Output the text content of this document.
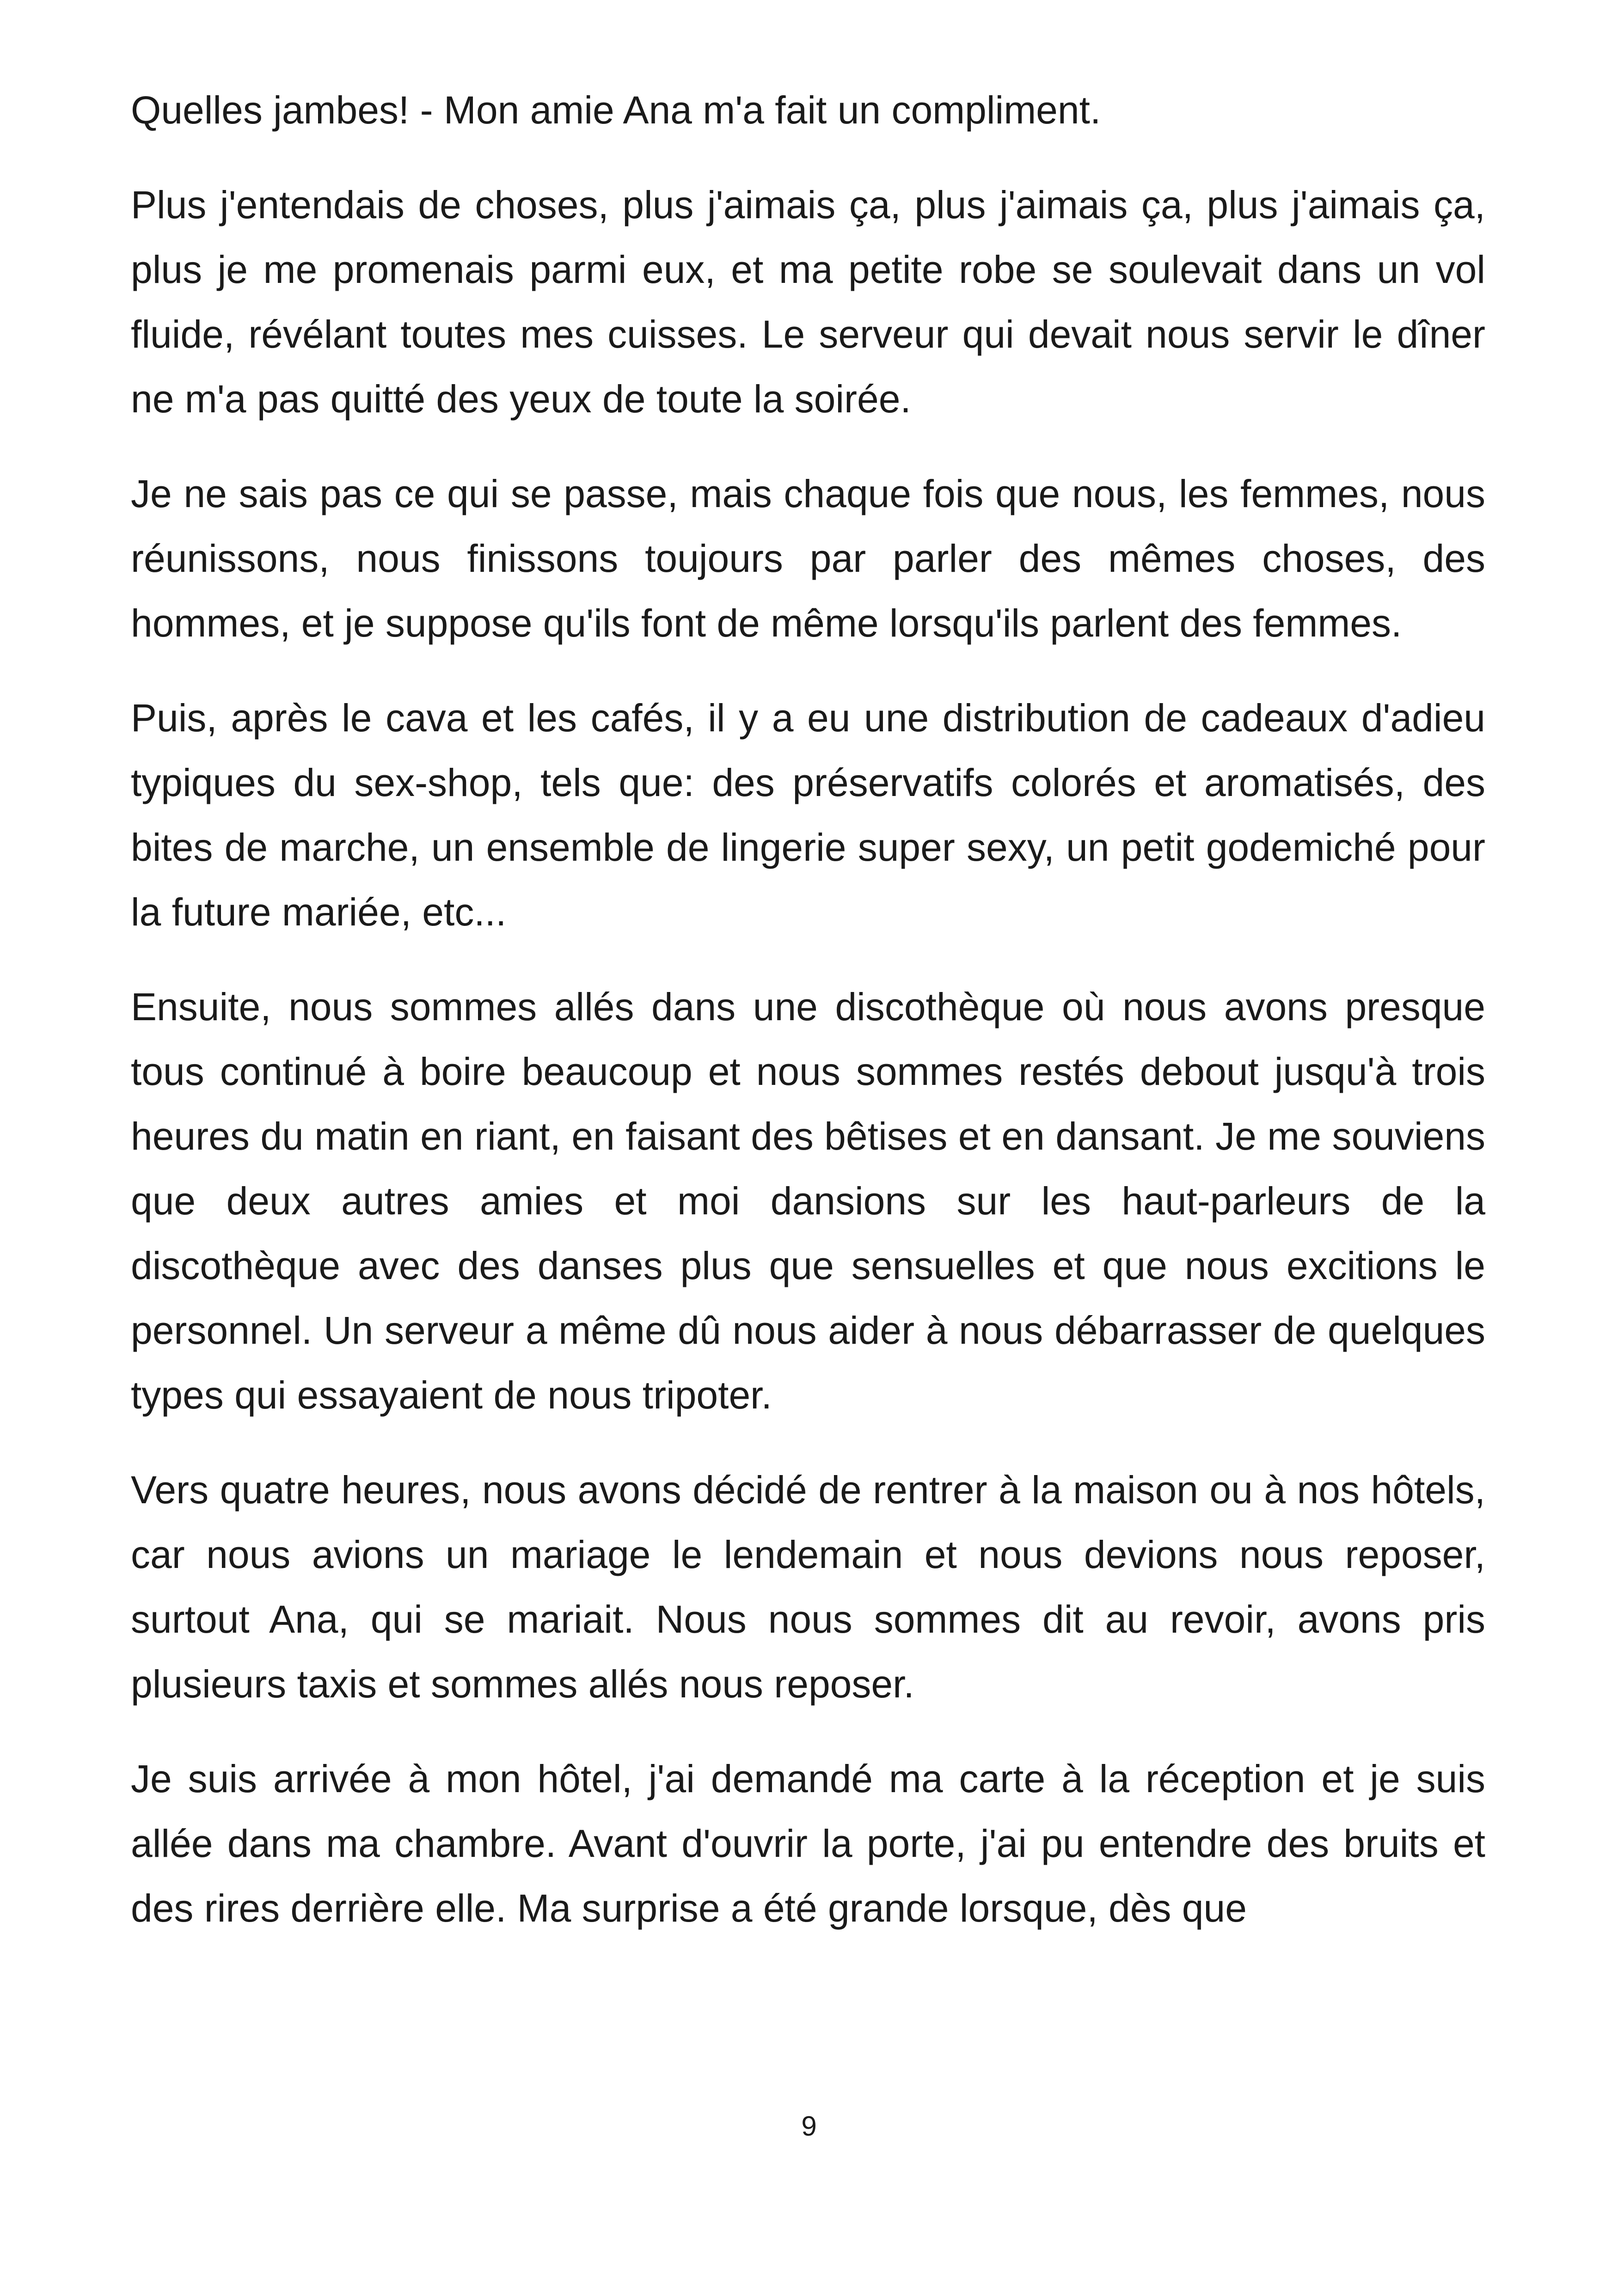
Quelles jambes! - Mon amie Ana m'a fait un compliment.

Plus j'entendais de choses, plus j'aimais ça, plus j'aimais ça, plus j'aimais ça, plus je me promenais parmi eux, et ma petite robe se soulevait dans un vol fluide, révélant toutes mes cuisses. Le serveur qui devait nous servir le dîner ne m'a pas quitté des yeux de toute la soirée.

Je ne sais pas ce qui se passe, mais chaque fois que nous, les femmes, nous réunissons, nous finissons toujours par parler des mêmes choses, des hommes, et je suppose qu'ils font de même lorsqu'ils parlent des femmes.

Puis, après le cava et les cafés, il y a eu une distribution de cadeaux d'adieu typiques du sex-shop, tels que: des préservatifs colorés et aromatisés, des bites de marche, un ensemble de lingerie super sexy, un petit godemiché pour la future mariée, etc...

Ensuite, nous sommes allés dans une discothèque où nous avons presque tous continué à boire beaucoup et nous sommes restés debout jusqu'à trois heures du matin en riant, en faisant des bêtises et en dansant. Je me souviens que deux autres amies et moi dansions sur les haut-parleurs de la discothèque avec des danses plus que sensuelles et que nous excitions le personnel. Un serveur a même dû nous aider à nous débarrasser de quelques types qui essayaient de nous tripoter.

Vers quatre heures, nous avons décidé de rentrer à la maison ou à nos hôtels, car nous avions un mariage le lendemain et nous devions nous reposer, surtout Ana, qui se mariait. Nous nous sommes dit au revoir, avons pris plusieurs taxis et sommes allés nous reposer.

Je suis arrivée à mon hôtel, j'ai demandé ma carte à la réception et je suis allée dans ma chambre. Avant d'ouvrir la porte, j'ai pu entendre des bruits et des rires derrière elle. Ma surprise a été grande lorsque, dès que

9
